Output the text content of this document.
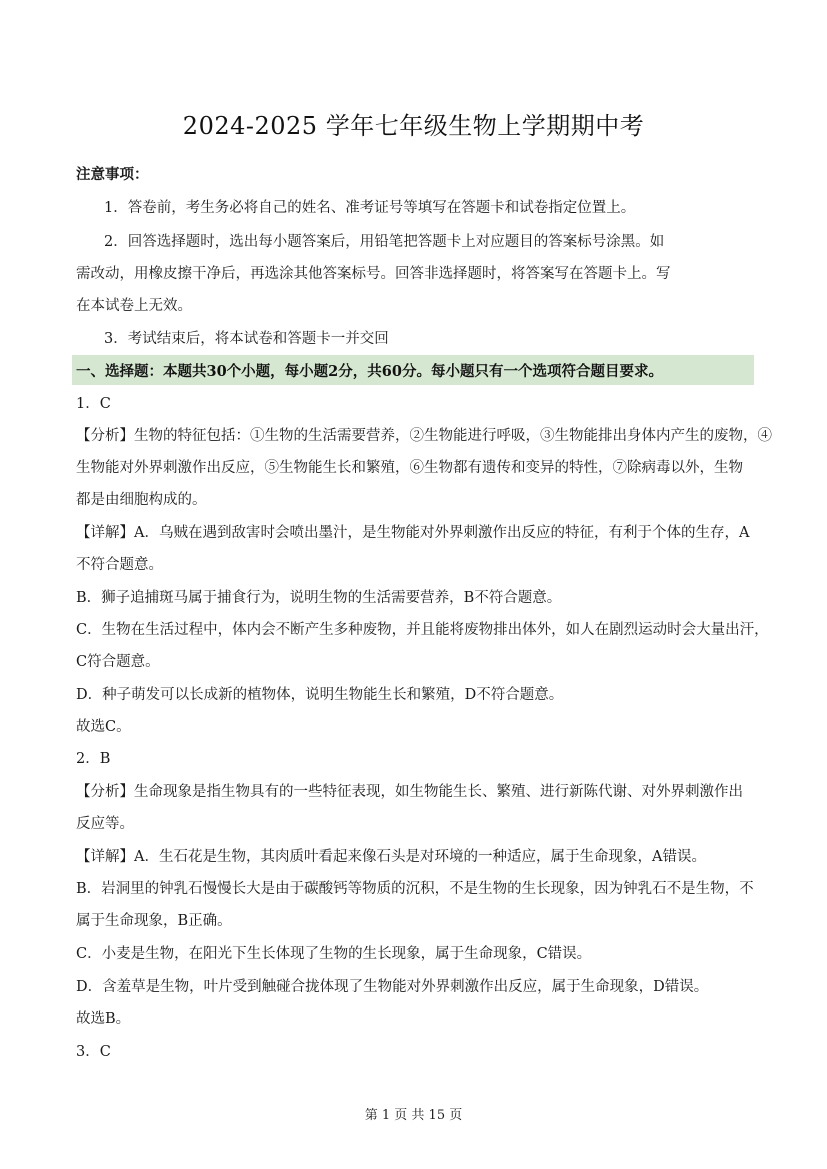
2024-2025 学年七年级生物上学期期中考
注意事项：
1．答卷前，考生务必将自己的姓名、准考证号等填写在答题卡和试卷指定位置上。
2．回答选择题时，选出每小题答案后，用铅笔把答题卡上对应题目的答案标号涂黑。如
需改动，用橡皮擦干净后，再选涂其他答案标号。回答非选择题时，将答案写在答题卡上。写
在本试卷上无效。
3．考试结束后，将本试卷和答题卡一并交回
一、选择题：本题共30个小题，每小题2分，共60分。每小题只有一个选项符合题目要求。
1．C
【分析】生物的特征包括：①生物的生活需要营养，②生物能进行呼吸，③生物能排出身体内产生的废物，④
生物能对外界刺激作出反应，⑤生物能生长和繁殖，⑥生物都有遗传和变异的特性，⑦除病毒以外，生物
都是由细胞构成的。
【详解】A．乌贼在遇到敌害时会喷出墨汁，是生物能对外界刺激作出反应的特征，有利于个体的生存，A
不符合题意。
B．狮子追捕斑马属于捕食行为，说明生物的生活需要营养，B不符合题意。
C．生物在生活过程中，体内会不断产生多种废物，并且能将废物排出体外，如人在剧烈运动时会大量出汗，
C符合题意。
D．种子萌发可以长成新的植物体，说明生物能生长和繁殖，D不符合题意。
故选C。
2．B
【分析】生命现象是指生物具有的一些特征表现，如生物能生长、繁殖、进行新陈代谢、对外界刺激作出
反应等。
【详解】A．生石花是生物，其肉质叶看起来像石头是对环境的一种适应，属于生命现象，A错误。
B．岩洞里的钟乳石慢慢长大是由于碳酸钙等物质的沉积，不是生物的生长现象，因为钟乳石不是生物，不
属于生命现象，B正确。
C．小麦是生物，在阳光下生长体现了生物的生长现象，属于生命现象，C错误。
D．含羞草是生物，叶片受到触碰合拢体现了生物能对外界刺激作出反应，属于生命现象，D错误。
故选B。
3．C
第 1 页 共 15 页
